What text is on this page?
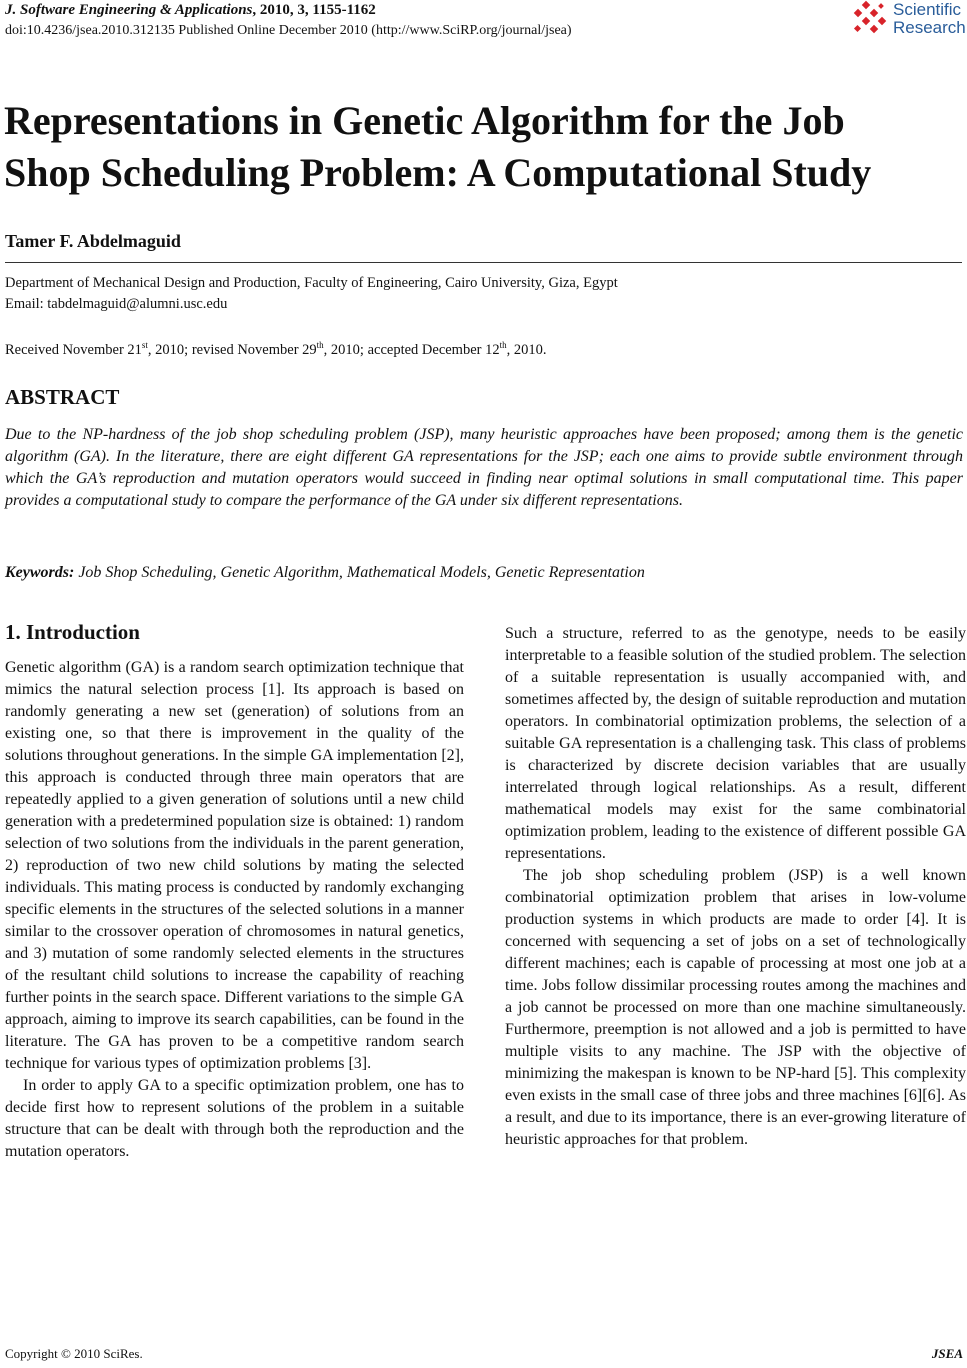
J. Software Engineering & Applications, 2010, 3, 1155-1162
doi:10.4236/jsea.2010.312135 Published Online December 2010 (http://www.SciRP.org/journal/jsea)
Scientific
Research
Representations in Genetic Algorithm for the Job
Shop Scheduling Problem: A Computational Study
Tamer F. Abdelmaguid
Department of Mechanical Design and Production, Faculty of Engineering, Cairo University, Giza, Egypt
Email: tabdelmaguid@alumni.usc.edu
Received November 21st, 2010; revised November 29th, 2010; accepted December 12th, 2010.
ABSTRACT
Due to the NP-hardness of the job shop scheduling problem (JSP), many heuristic approaches have been proposed; among them is the genetic algorithm (GA). In the literature, there are eight different GA representations for the JSP; each one aims to provide subtle environment through which the GA’s reproduction and mutation operators would succeed in finding near optimal solutions in small computational time. This paper provides a computational study to compare the performance of the GA under six different representations.
Keywords: Job Shop Scheduling, Genetic Algorithm, Mathematical Models, Genetic Representation
1. Introduction

Genetic algorithm (GA) is a random search optimization technique that mimics the natural selection process [1]. Its approach is based on randomly generating a new set (generation) of solutions from an existing one, so that there is improvement in the quality of the solutions throughout generations. In the simple GA implementation [2], this approach is conducted through three main operators that are repeatedly applied to a given generation of solutions until a new child generation with a predetermined population size is obtained: 1) random selection of two solutions from the individuals in the parent generation, 2) reproduction of two new child solutions by mating the selected individuals. This mating process is conducted by randomly exchanging specific elements in the structures of the selected solutions in a manner similar to the crossover operation of chromosomes in natural genetics, and 3) mutation of some randomly selected elements in the structures of the resultant child solutions to increase the capability of reaching further points in the search space. Different variations to the simple GA approach, aiming to improve its search capabilities, can be found in the literature. The GA has proven to be a competitive random search technique for various types of optimization problems [3].

In order to apply GA to a specific optimization problem, one has to decide first how to represent solutions of the problem in a suitable structure that can be dealt with through both the reproduction and the mutation operators.

Such a structure, referred to as the genotype, needs to be easily interpretable to a feasible solution of the studied problem. The selection of a suitable representation is usually accompanied with, and sometimes affected by, the design of suitable reproduction and mutation operators. In combinatorial optimization problems, the selection of a suitable GA representation is a challenging task. This class of problems is characterized by discrete decision variables that are usually interrelated through logical relationships. As a result, different mathematical models may exist for the same combinatorial optimization problem, leading to the existence of different possible GA representations.

The job shop scheduling problem (JSP) is a well known combinatorial optimization problem that arises in low-volume production systems in which products are made to order [4]. It is concerned with sequencing a set of jobs on a set of technologically different machines; each is capable of processing at most one job at a time. Jobs follow dissimilar processing routes among the machines and a job cannot be processed on more than one machine simultaneously. Furthermore, preemption is not allowed and a job is permitted to have multiple visits to any machine. The JSP with the objective of minimizing the makespan is known to be NP-hard [5]. This complexity even exists in the small case of three jobs and three machines [6][6]. As a result, and due to its importance, there is an ever-growing literature of heuristic approaches for that problem.

Copyright © 2010 SciRes.	JSEA
